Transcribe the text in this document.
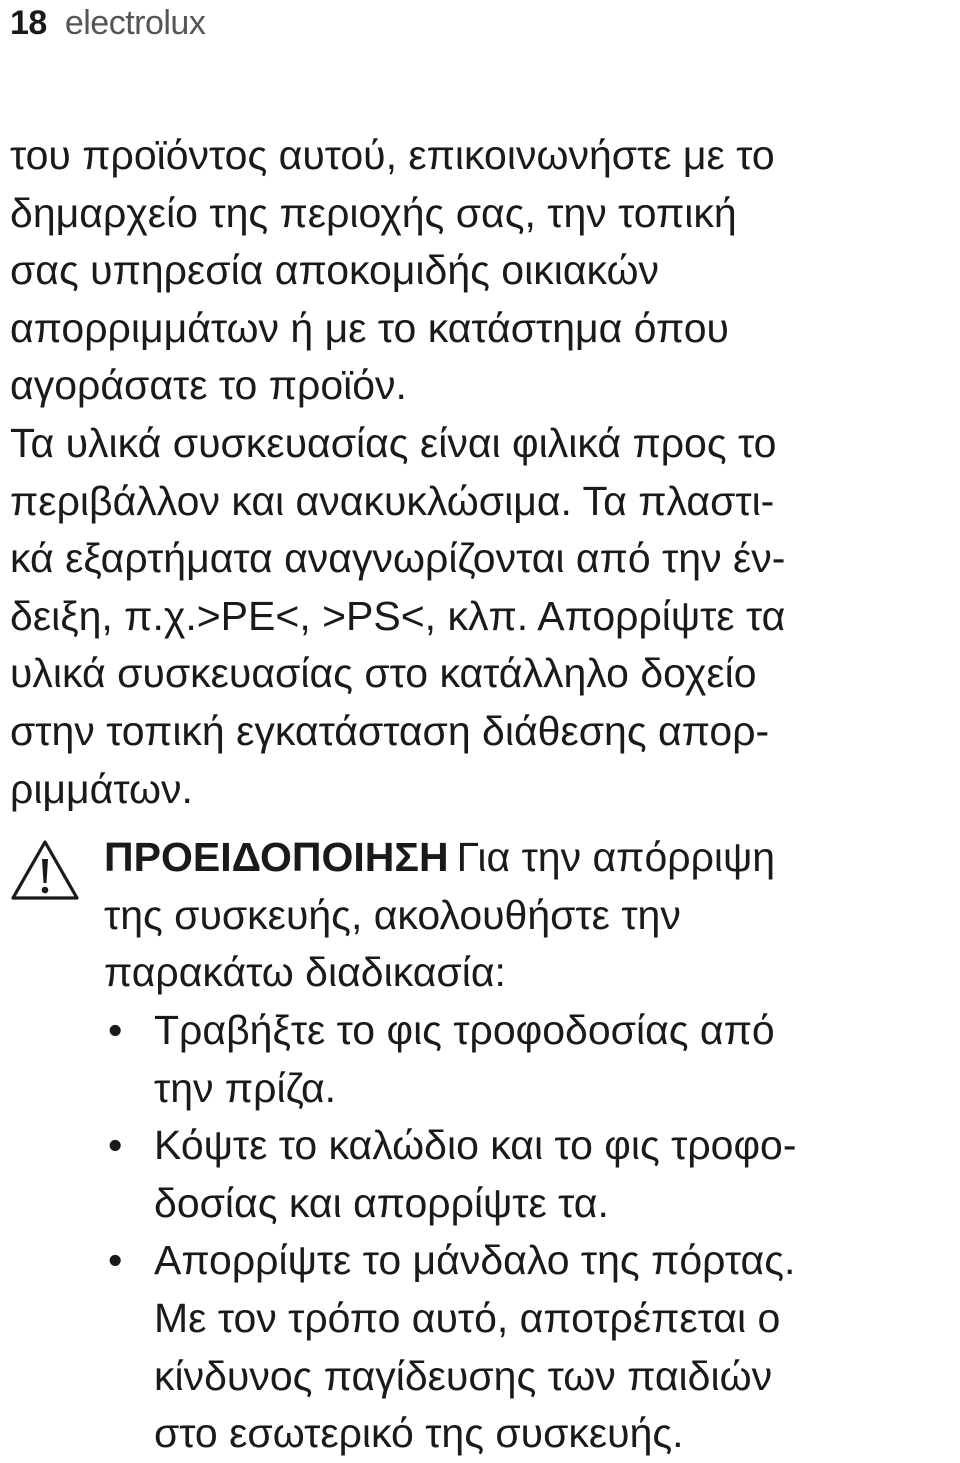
18 electrolux
του προϊόντος αυτού, επικοινωνήστε με το
δημαρχείο της περιοχής σας, την τοπική
σας υπηρεσία αποκομιδής οικιακών
απορριμμάτων ή με το κατάστημα όπου
αγοράσατε το προϊόν.
Τα υλικά συσκευασίας είναι φιλικά προς το
περιβάλλον και ανακυκλώσιμα. Τα πλαστι-
κά εξαρτήματα αναγνωρίζονται από την έν-
δειξη, π.χ.>PE<, >PS<, κλπ. Απορρίψτε τα
υλικά συσκευασίας στο κατάλληλο δοχείο
στην τοπική εγκατάσταση διάθεσης απορ-
ριμμάτων.
ΠΡΟΕΙΔΟΠΟΙΗΣΗ Για την απόρριψη
της συσκευής, ακολουθήστε την
παρακάτω διαδικασία:
• Τραβήξτε το φις τροφοδοσίας από
την πρίζα.
• Κόψτε το καλώδιο και το φις τροφο-
δοσίας και απορρίψτε τα.
• Απορρίψτε το μάνδαλο της πόρτας.
Με τον τρόπο αυτό, αποτρέπεται ο
κίνδυνος παγίδευσης των παιδιών
στο εσωτερικό της συσκευής.
